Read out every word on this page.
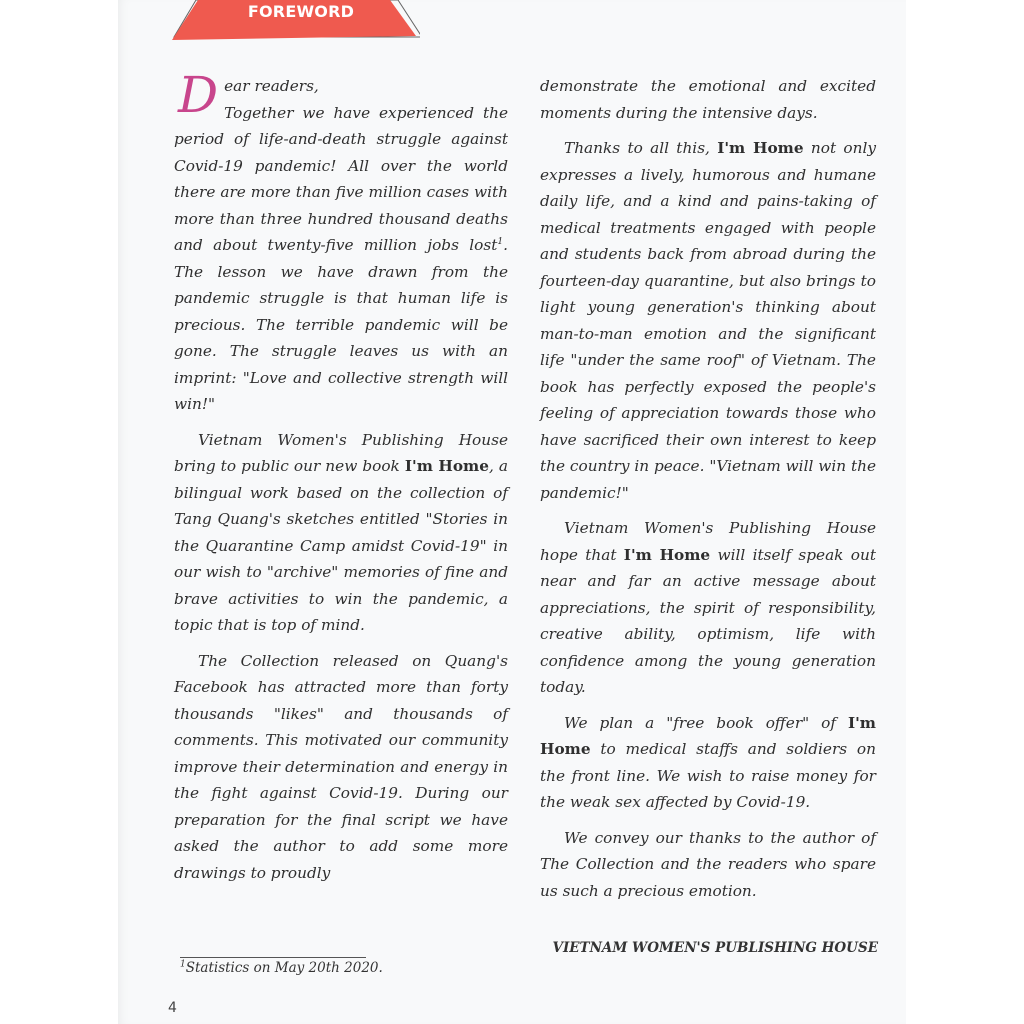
FOREWORD

Dear readers,
Together we have experienced the period of life-and-death struggle against Covid-19 pandemic! All over the world there are more than five million cases with more than three hundred thousand deaths and about twenty-five million jobs lost$^1$. The lesson we have drawn from the pandemic struggle is that human life is precious. The terrible pandemic will be gone. The struggle leaves us with an imprint: "Love and collective strength will win!"

Vietnam Women's Publishing House bring to public our new book I'm Home, a bilingual work based on the collection of Tang Quang's sketches entitled "Stories in the Quarantine Camp amidst Covid-19" in our wish to "archive" memories of fine and brave activities to win the pandemic, a topic that is top of mind.

The Collection released on Quang's Facebook has attracted more than forty thousands "likes" and thousands of comments. This motivated our community improve their determination and energy in the fight against Covid-19. During our preparation for the final script we have asked the author to add some more drawings to proudly

demonstrate the emotional and excited moments during the intensive days.

Thanks to all this, I'm Home not only expresses a lively, humorous and humane daily life, and a kind and pains-taking of medical treatments engaged with people and students back from abroad during the fourteen-day quarantine, but also brings to light young generation's thinking about man-to-man emotion and the significant life "under the same roof" of Vietnam. The book has perfectly exposed the people's feeling of appreciation towards those who have sacrificed their own interest to keep the country in peace. "Vietnam will win the pandemic!"

Vietnam Women's Publishing House hope that I'm Home will itself speak out near and far an active message about appreciations, the spirit of responsibility, creative ability, optimism, life with confidence among the young generation today.

We plan a "free book offer" of I'm Home to medical staffs and soldiers on the front line. We wish to raise money for the weak sex affected by Covid-19.

We convey our thanks to the author of The Collection and the readers who spare us such a precious emotion.

VIETNAM WOMEN'S PUBLISHING HOUSE
$^1$Statistics on May 20th 2020.
4
